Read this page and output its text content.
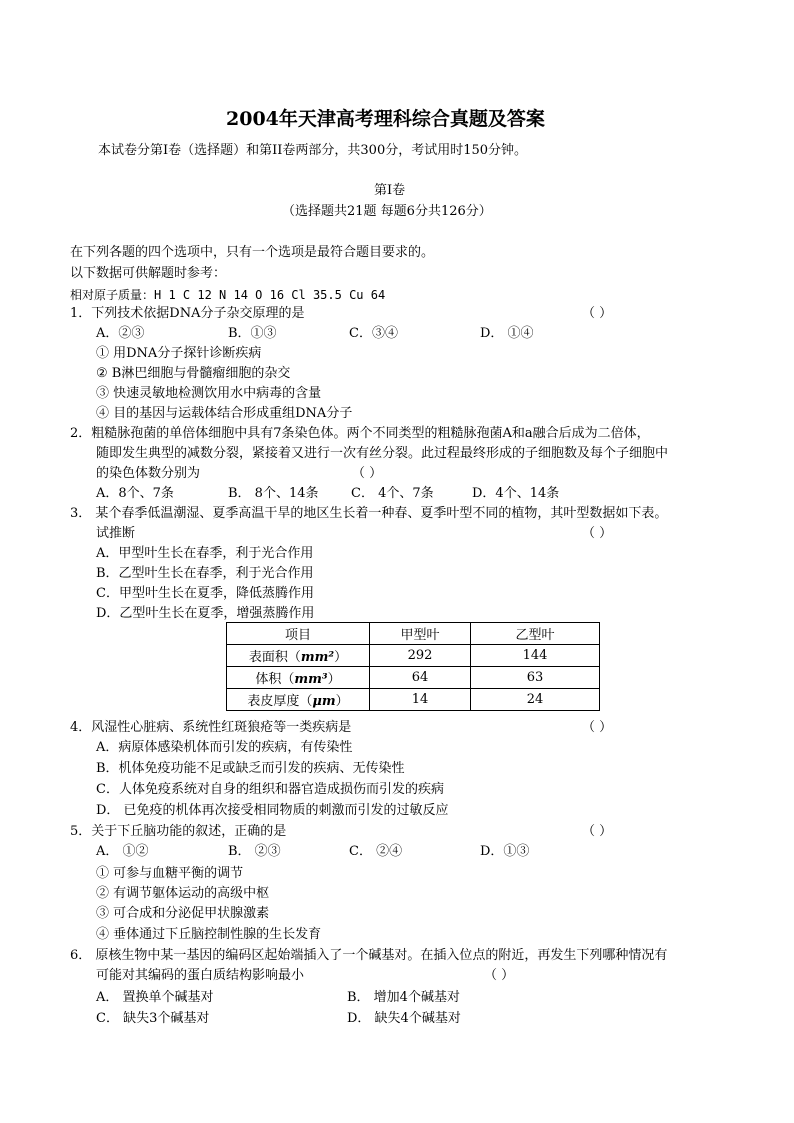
2004年天津高考理科综合真题及答案
本试卷分第Ⅰ卷（选择题）和第II卷两部分，共300分，考试用时150分钟。
第Ⅰ卷
（选择题共21题 每题6分共126分）
在下列各题的四个选项中，只有一个选项是最符合题目要求的。
以下数据可供解题时参考：
相对原子质量：H 1 C 12 N 14 O 16 Cl 35.5 Cu 64
1．下列技术依据DNA分子杂交原理的是	（ ）
A．②③	B．①③	C．③④	D． ①④
① 用DNA分子探针诊断疾病
② B淋巴细胞与骨髓瘤细胞的杂交
③ 快速灵敏地检测饮用水中病毒的含量
④ 目的基因与运载体结合形成重组DNA分子
2．粗糙脉孢菌的单倍体细胞中具有7条染色体。两个不同类型的粗糙脉孢菌A和a融合后成为二倍体，
随即发生典型的减数分裂，紧接着又进行一次有丝分裂。此过程最终形成的子细胞数及每个子细胞中
的染色体数分别为	（ ）
A．8个、7条	B． 8个、14条	C． 4个、7条	D．4个、14条
3． 某个春季低温潮湿、夏季高温干旱的地区生长着一种春、夏季叶型不同的植物，其叶型数据如下表。
试推断	（ ）
A．甲型叶生长在春季，利于光合作用
B．乙型叶生长在春季，利于光合作用
C．甲型叶生长在夏季，降低蒸腾作用
D．乙型叶生长在夏季，增强蒸腾作用
项目	甲型叶	乙型叶
表面积（mm²）	292	144
体积（mm³）	64	63
表皮厚度（μm）	14	24
4．风湿性心脏病、系统性红斑狼疮等一类疾病是	（ ）
A．病原体感染机体而引发的疾病，有传染性
B．机体免疫功能不足或缺乏而引发的疾病、无传染性
C．人体免疫系统对自身的组织和器官造成损伤而引发的疾病
D． 已免疫的机体再次接受相同物质的刺激而引发的过敏反应
5．关于下丘脑功能的叙述，正确的是	（ ）
A． ①②	B． ②③	C． ②④	D．①③
① 可参与血糖平衡的调节
② 有调节躯体运动的高级中枢
③ 可合成和分泌促甲状腺激素
④ 垂体通过下丘脑控制性腺的生长发育
6． 原核生物中某一基因的编码区起始端插入了一个碱基对。在插入位点的附近，再发生下列哪种情况有
可能对其编码的蛋白质结构影响最小	（ ）
A． 置换单个碱基对	B． 增加4个碱基对
C． 缺失3个碱基对	D． 缺失4个碱基对
